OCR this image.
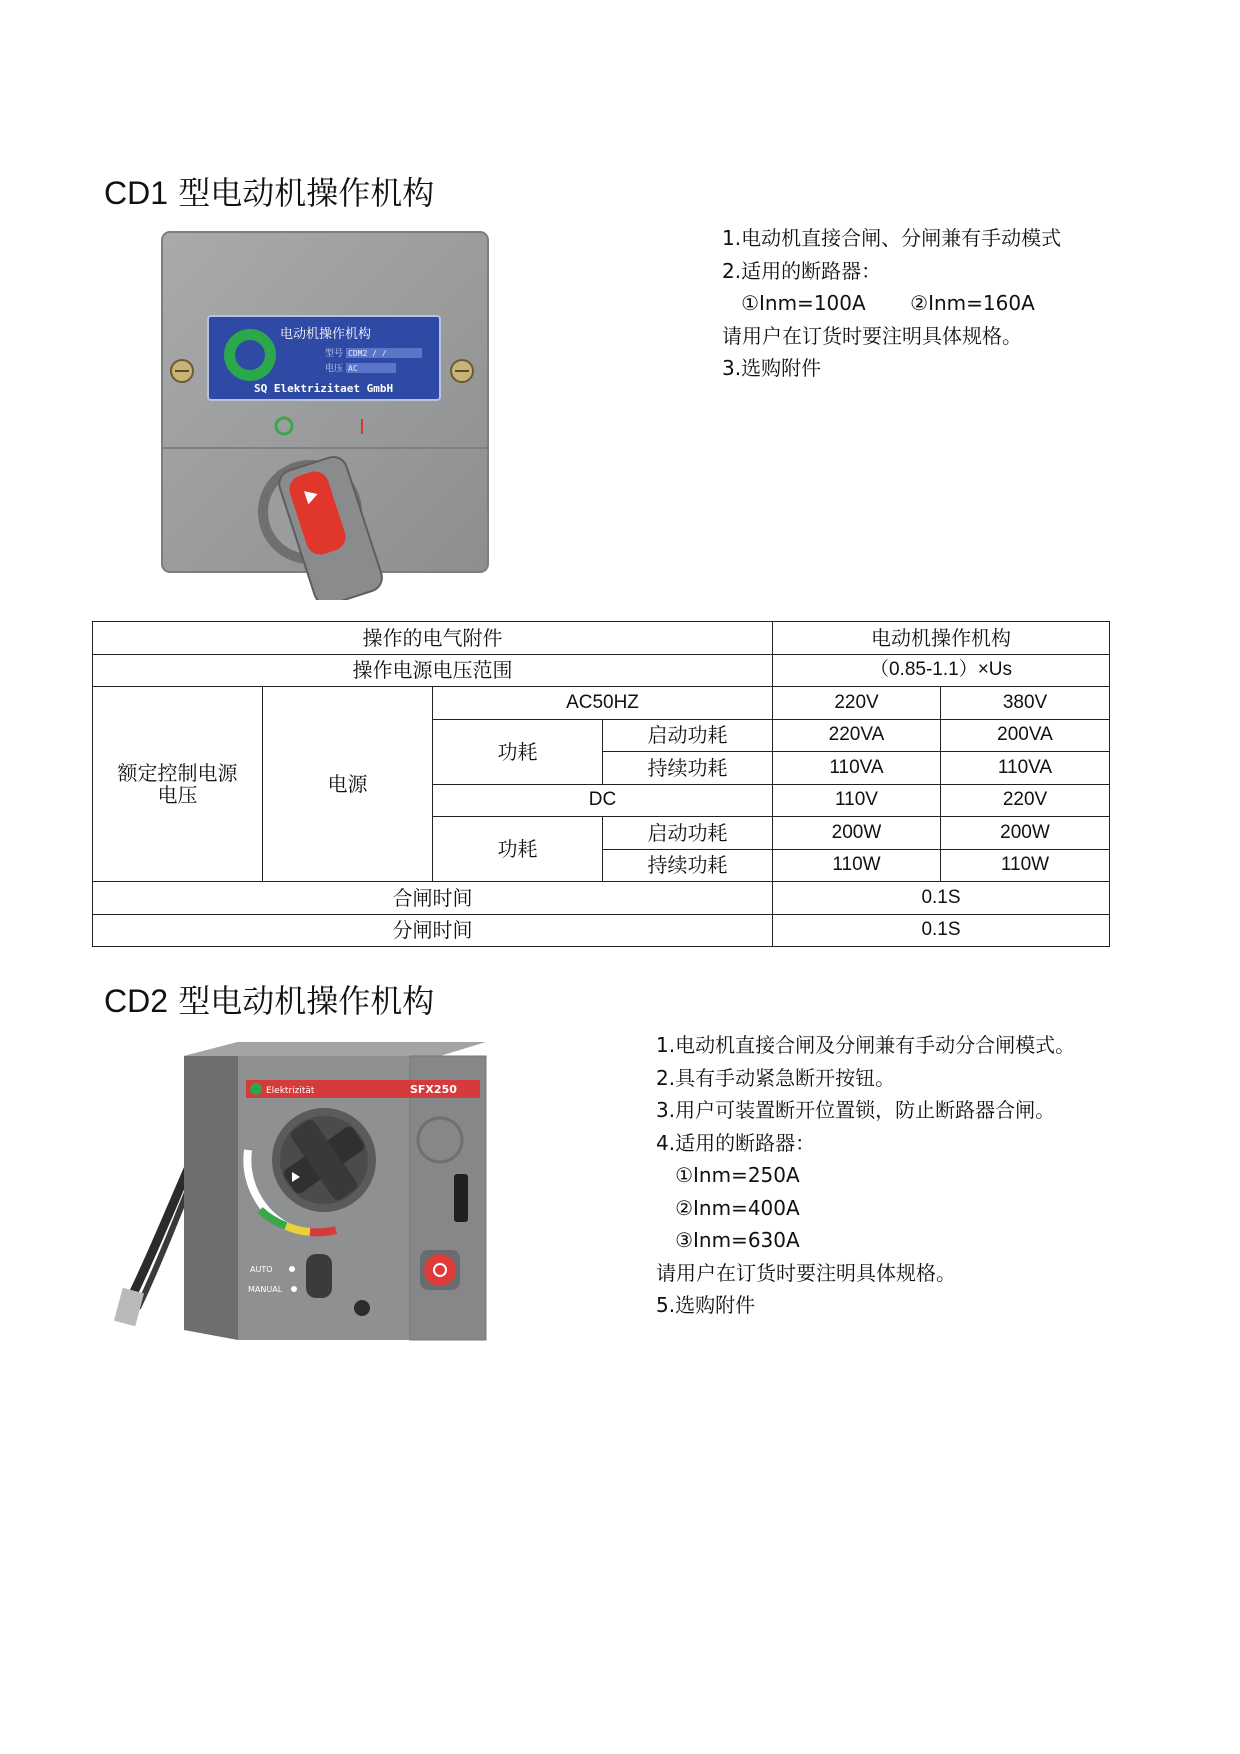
CD1 型电动机操作机构
电动机操作机构
型号 CDM2 / /
电压 AC
SQ Elektrizitaet GmbH
I
1.电动机直接合闸、分闸兼有手动模式
2.适用的断路器：
①Inm=100A       ②Inm=160A
请用户在订货时要注明具体规格。
3.选购附件
操作的电气附件				电动机操作机构	
操作电源电压范围				（0.85-1.1）×Us	
额定控制电源
电压	电源	AC50HZ		220V	380V
		功耗	启动功耗	220VA	200VA
			持续功耗	110VA	110VA
		DC		110V	220V
		功耗	启动功耗	200W	200W
			持续功耗	110W	110W
合闸时间				0.1S	
分闸时间				0.1S	
CD2 型电动机操作机构
Elektrizität	SFX250
AUTO
MANUAL
1.电动机直接合闸及分闸兼有手动分合闸模式。
2.具有手动紧急断开按钮。
3.用户可装置断开位置锁，防止断路器合闸。
4.适用的断路器：
①Inm=250A
②Inm=400A
③Inm=630A
请用户在订货时要注明具体规格。
5.选购附件
